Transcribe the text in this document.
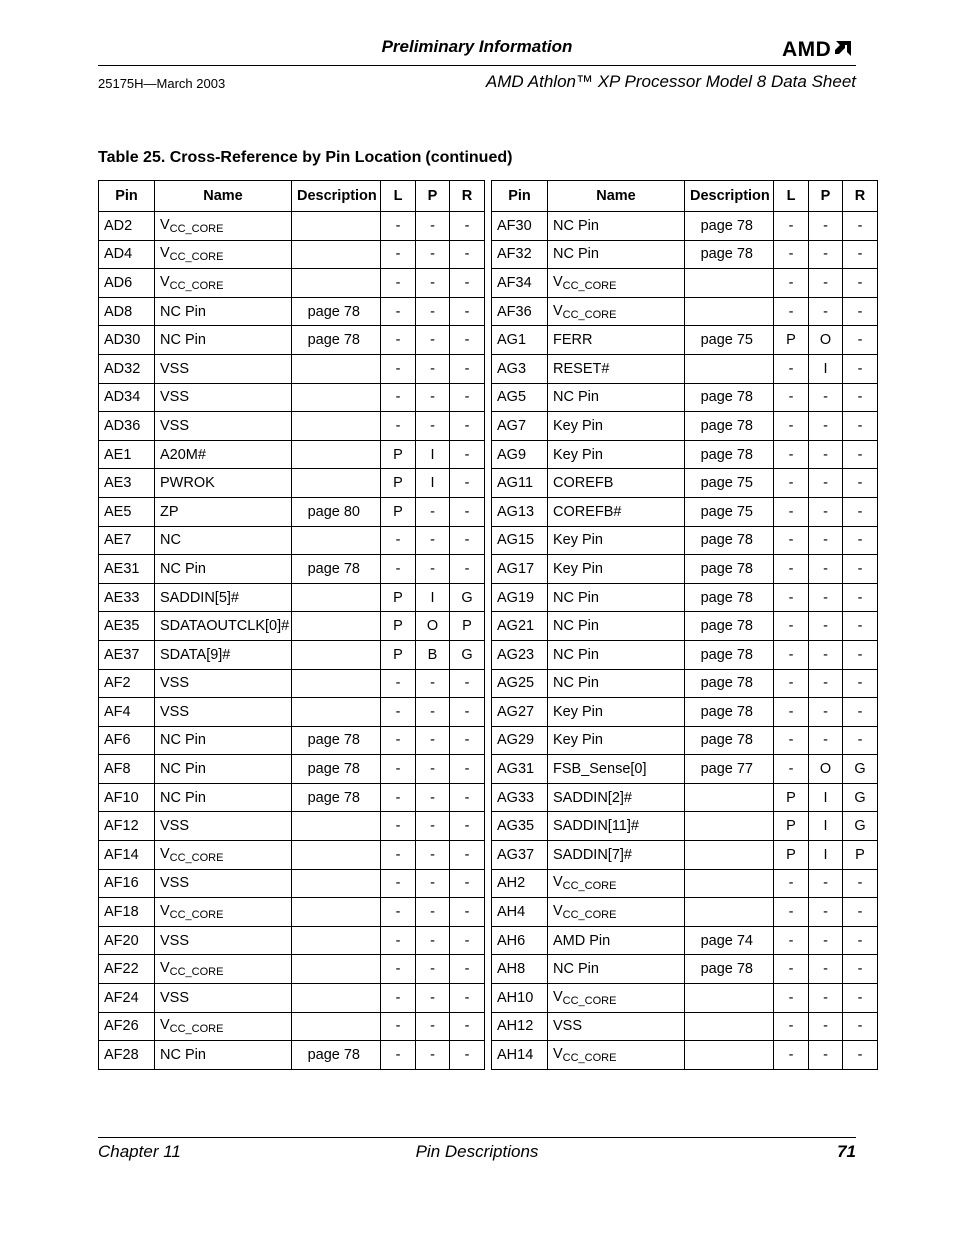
Preliminary Information	AMD
25175H—March 2003	AMD Athlon™ XP Processor Model 8 Data Sheet
Table 25. Cross-Reference by Pin Location (continued)
Pin	Name	Description	L	P	R
AD2	$V_{CC\_CORE}$		-	-	-
AD4	$V_{CC\_CORE}$		-	-	-
AD6	$V_{CC\_CORE}$		-	-	-
AD8	NC Pin	page 78	-	-	-
AD30	NC Pin	page 78	-	-	-
AD32	VSS		-	-	-
AD34	VSS		-	-	-
AD36	VSS		-	-	-
AE1	A20M#		P	I	-
AE3	PWROK		P	I	-
AE5	ZP	page 80	P	-	-
AE7	NC		-	-	-
AE31	NC Pin	page 78	-	-	-
AE33	SADDIN[5]#		P	I	G
AE35	SDATAOUTCLK[0]#		P	O	P
AE37	SDATA[9]#		P	B	G
AF2	VSS		-	-	-
AF4	VSS		-	-	-
AF6	NC Pin	page 78	-	-	-
AF8	NC Pin	page 78	-	-	-
AF10	NC Pin	page 78	-	-	-
AF12	VSS		-	-	-
AF14	$V_{CC\_CORE}$		-	-	-
AF16	VSS		-	-	-
AF18	$V_{CC\_CORE}$		-	-	-
AF20	VSS		-	-	-
AF22	$V_{CC\_CORE}$		-	-	-
AF24	VSS		-	-	-
AF26	$V_{CC\_CORE}$		-	-	-
AF28	NC Pin	page 78	-	-	-
Pin	Name	Description	L	P	R
AF30	NC Pin	page 78	-	-	-
AF32	NC Pin	page 78	-	-	-
AF34	$V_{CC\_CORE}$		-	-	-
AF36	$V_{CC\_CORE}$		-	-	-
AG1	FERR	page 75	P	O	-
AG3	RESET#		-	I	-
AG5	NC Pin	page 78	-	-	-
AG7	Key Pin	page 78	-	-	-
AG9	Key Pin	page 78	-	-	-
AG11	COREFB	page 75	-	-	-
AG13	COREFB#	page 75	-	-	-
AG15	Key Pin	page 78	-	-	-
AG17	Key Pin	page 78	-	-	-
AG19	NC Pin	page 78	-	-	-
AG21	NC Pin	page 78	-	-	-
AG23	NC Pin	page 78	-	-	-
AG25	NC Pin	page 78	-	-	-
AG27	Key Pin	page 78	-	-	-
AG29	Key Pin	page 78	-	-	-
AG31	FSB_Sense[0]	page 77	-	O	G
AG33	SADDIN[2]#		P	I	G
AG35	SADDIN[11]#		P	I	G
AG37	SADDIN[7]#		P	I	P
AH2	$V_{CC\_CORE}$		-	-	-
AH4	$V_{CC\_CORE}$		-	-	-
AH6	AMD Pin	page 74	-	-	-
AH8	NC Pin	page 78	-	-	-
AH10	$V_{CC\_CORE}$		-	-	-
AH12	VSS		-	-	-
AH14	$V_{CC\_CORE}$		-	-	-
Chapter 11	Pin Descriptions	71
